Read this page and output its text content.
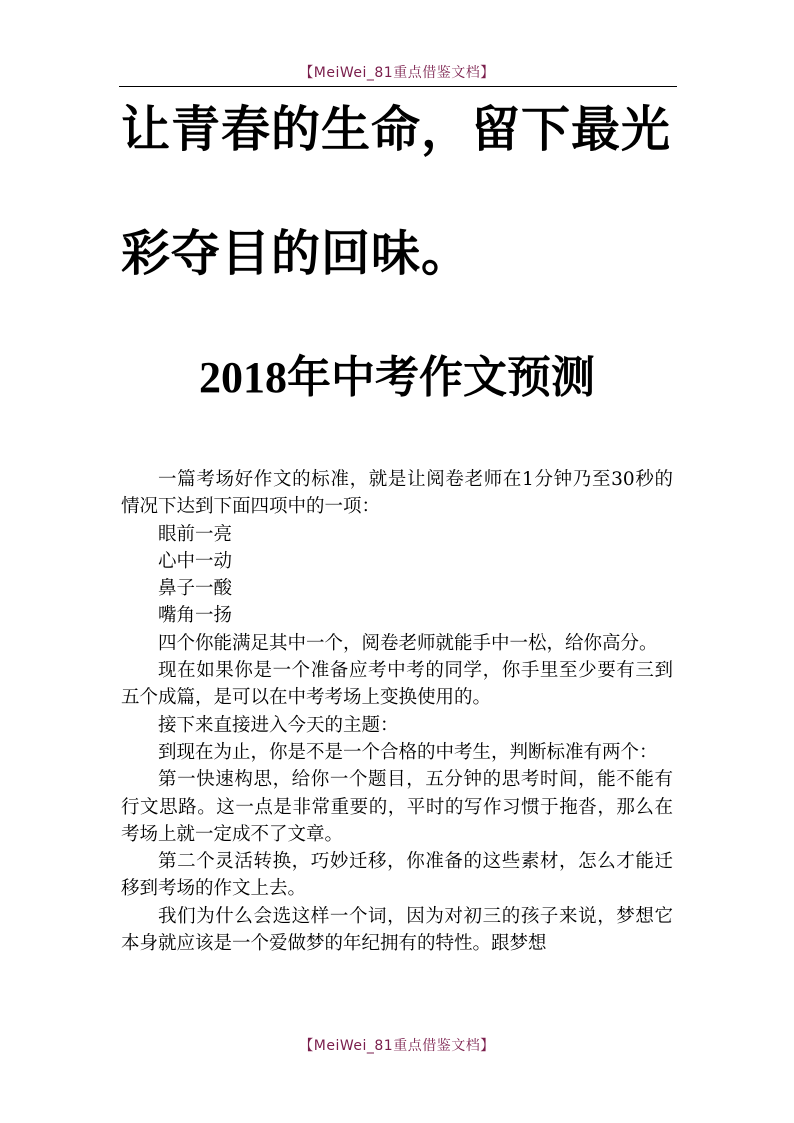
【MeiWei_81重点借鉴文档】
让青春的生命，留下最光
彩夺目的回味。
2018年中考作文预测

一篇考场好作文的标准，就是让阅卷老师在1分钟乃至30秒的情况下达到下面四项中的一项：

眼前一亮

心中一动

鼻子一酸

嘴角一扬

四个你能满足其中一个，阅卷老师就能手中一松，给你高分。

现在如果你是一个准备应考中考的同学，你手里至少要有三到五个成篇，是可以在中考考场上变换使用的。

接下来直接进入今天的主题：

到现在为止，你是不是一个合格的中考生，判断标准有两个：

第一快速构思，给你一个题目，五分钟的思考时间，能不能有行文思路。这一点是非常重要的，平时的写作习惯于拖沓，那么在考场上就一定成不了文章。

第二个灵活转换，巧妙迁移，你准备的这些素材，怎么才能迁移到考场的作文上去。

我们为什么会选这样一个词，因为对初三的孩子来说，梦想它本身就应该是一个爱做梦的年纪拥有的特性。跟梦想

【MeiWei_81重点借鉴文档】
